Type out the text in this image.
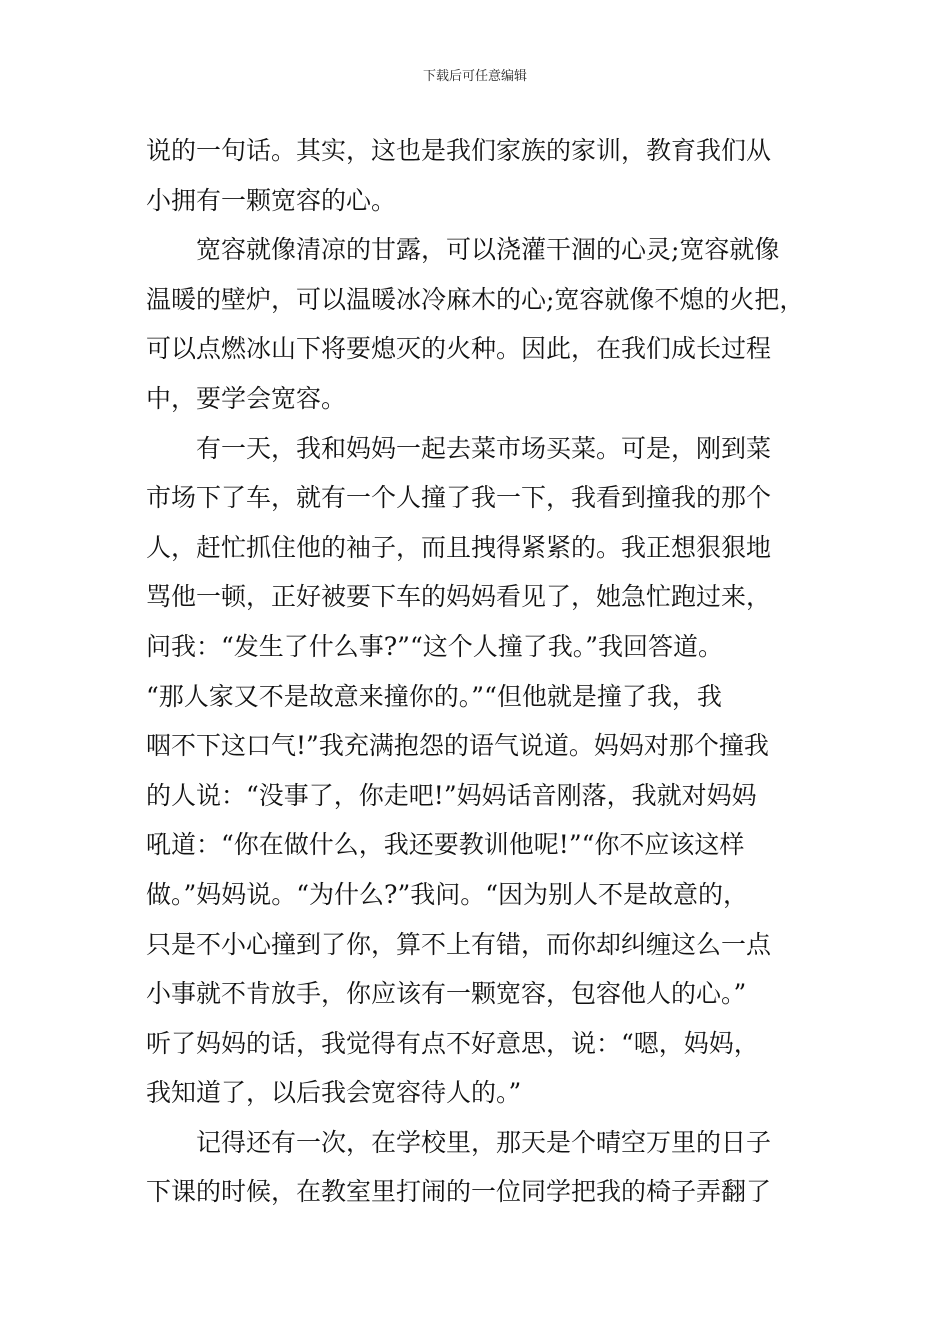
下载后可任意编辑

说的一句话。其实，这也是我们家族的家训，教育我们从

小拥有一颗宽容的心。

宽容就像清凉的甘露，可以浇灌干涸的心灵;宽容就像

温暖的壁炉，可以温暖冰冷麻木的心;宽容就像不熄的火把，

可以点燃冰山下将要熄灭的火种。因此，在我们成长过程

中，要学会宽容。

有一天，我和妈妈一起去菜市场买菜。可是，刚到菜

市场下了车，就有一个人撞了我一下，我看到撞我的那个

人，赶忙抓住他的袖子，而且拽得紧紧的。我正想狠狠地

骂他一顿，正好被要下车的妈妈看见了，她急忙跑过来，

问我：“发生了什么事?”“这个人撞了我。”我回答道。

“那人家又不是故意来撞你的。”“但他就是撞了我，我

咽不下这口气!”我充满抱怨的语气说道。妈妈对那个撞我

的人说：“没事了，你走吧!”妈妈话音刚落，我就对妈妈

吼道：“你在做什么，我还要教训他呢!”“你不应该这样

做。”妈妈说。“为什么?”我问。“因为别人不是故意的，

只是不小心撞到了你，算不上有错，而你却纠缠这么一点

小事就不肯放手，你应该有一颗宽容，包容他人的心。”

听了妈妈的话，我觉得有点不好意思，说：“嗯，妈妈，

我知道了，以后我会宽容待人的。”

记得还有一次，在学校里，那天是个晴空万里的日子

下课的时候，在教室里打闹的一位同学把我的椅子弄翻了
